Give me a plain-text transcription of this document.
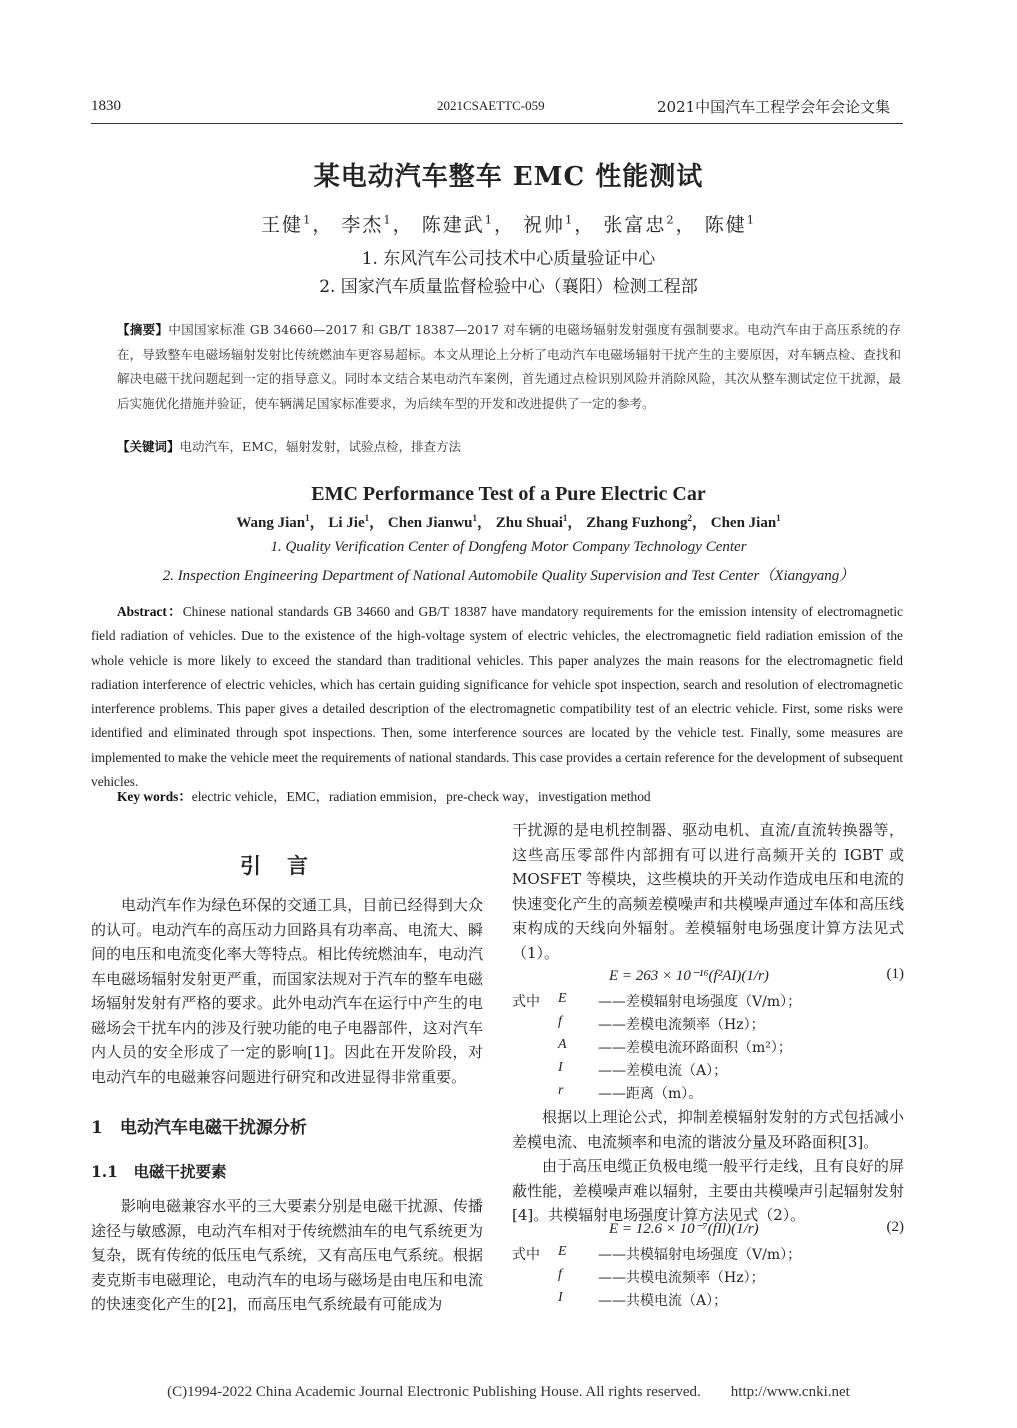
1830	2021CSAETTC-059	2021中国汽车工程学会年会论文集
某电动汽车整车 EMC 性能测试
王健$^1$， 李杰$^1$， 陈建武$^1$， 祝帅$^1$， 张富忠$^2$， 陈健$^1$
1. 东风汽车公司技术中心质量验证中心
2. 国家汽车质量监督检验中心（襄阳）检测工程部
【摘要】中国国家标准 GB 34660—2017 和 GB/T 18387—2017 对车辆的电磁场辐射发射强度有强制要求。电动汽车由于高压系统的存在，导致整车电磁场辐射发射比传统燃油车更容易超标。本文从理论上分析了电动汽车电磁场辐射干扰产生的主要原因，对车辆点检、查找和解决电磁干扰问题起到一定的指导意义。同时本文结合某电动汽车案例，首先通过点检识别风险并消除风险，其次从整车测试定位干扰源，最后实施优化措施并验证，使车辆满足国家标准要求，为后续车型的开发和改进提供了一定的参考。
【关键词】电动汽车，EMC，辐射发射，试验点检，排查方法
EMC Performance Test of a Pure Electric Car
Wang Jian$^1$， Li Jie$^1$， Chen Jianwu$^1$， Zhu Shuai$^1$， Zhang Fuzhong$^2$， Chen Jian$^1$
1. Quality Verification Center of Dongfeng Motor Company Technology Center
2. Inspection Engineering Department of National Automobile Quality Supervision and Test Center（Xiangyang）
Abstract：Chinese national standards GB 34660 and GB/T 18387 have mandatory requirements for the emission intensity of electromagnetic field radiation of vehicles. Due to the existence of the high-voltage system of electric vehicles, the electromagnetic field radiation emission of the whole vehicle is more likely to exceed the standard than traditional vehicles. This paper analyzes the main reasons for the electromagnetic field radiation interference of electric vehicles, which has certain guiding significance for vehicle spot inspection, search and resolution of electromagnetic interference problems. This paper gives a detailed description of the electromagnetic compatibility test of an electric vehicle. First, some risks were identified and eliminated through spot inspections. Then, some interference sources are located by the vehicle test. Finally, some measures are implemented to make the vehicle meet the requirements of national standards. This case provides a certain reference for the development of subsequent vehicles.
Key words：electric vehicle，EMC，radiation emmision，pre-check way，investigation method
引言

电动汽车作为绿色环保的交通工具，目前已经得到大众的认可。电动汽车的高压动力回路具有功率高、电流大、瞬间的电压和电流变化率大等特点。相比传统燃油车，电动汽车电磁场辐射发射更严重，而国家法规对于汽车的整车电磁场辐射发射有严格的要求。此外电动汽车在运行中产生的电磁场会干扰车内的涉及行驶功能的电子电器部件，这对汽车内人员的安全形成了一定的影响[1]。因此在开发阶段，对电动汽车的电磁兼容问题进行研究和改进显得非常重要。

1　电动汽车电磁干扰源分析
1.1　电磁干扰要素

影响电磁兼容水平的三大要素分别是电磁干扰源、传播途径与敏感源，电动汽车相对于传统燃油车的电气系统更为复杂，既有传统的低压电气系统，又有高压电气系统。根据麦克斯韦电磁理论，电动汽车的电场与磁场是由电压和电流的快速变化产生的[2]，而高压电气系统最有可能成为

干扰源的是电机控制器、驱动电机、直流/直流转换器等，这些高压零部件内部拥有可以进行高频开关的 IGBT 或 MOSFET 等模块，这些模块的开关动作造成电压和电流的快速变化产生的高频差模噪声和共模噪声通过车体和高压线束构成的天线向外辐射。差模辐射电场强度计算方法见式（1）。

E = 263 × 10⁻¹⁶(f²AI)(1/r)	(1)
式中 E ——差模辐射电场强度（V/m）；
f	——差模电流频率（Hz）；
A ——差模电流环路面积（m²）；
I	——差模电流（A）；
r ——距离（m）。

根据以上理论公式，抑制差模辐射发射的方式包括减小差模电流、电流频率和电流的谐波分量及环路面积[3]。

由于高压电缆正负极电缆一般平行走线，且有良好的屏蔽性能，差模噪声难以辐射，主要由共模噪声引起辐射发射[4]。共模辐射电场强度计算方法见式（2）。

E = 12.6 × 10⁻⁷(fIl)(1/r)	(2)
式中 E ——共模辐射电场强度（V/m）；
f	——共模电流频率（Hz）；
I	——共模电流（A）；
(C)1994-2022 China Academic Journal Electronic Publishing House. All rights reserved.　　http://www.cnki.net
